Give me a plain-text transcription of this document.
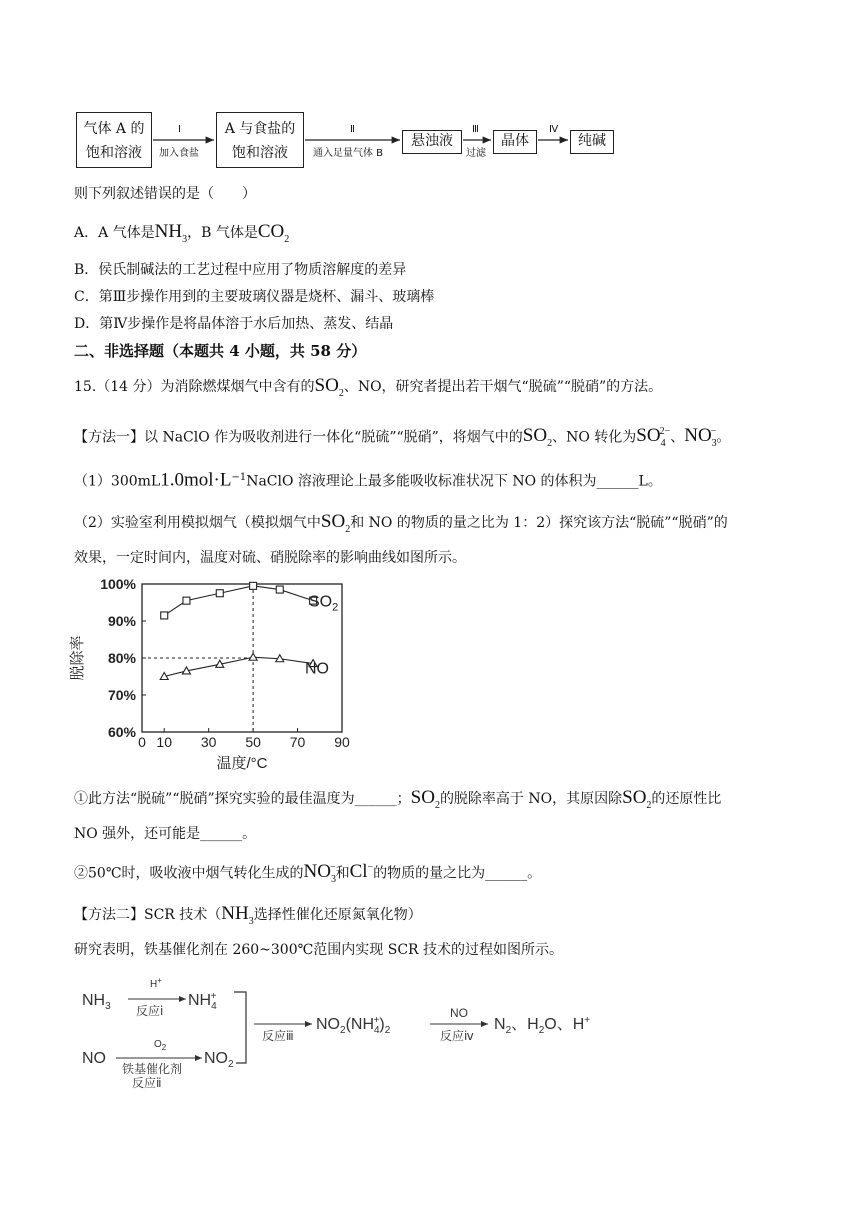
气体 A 的
饱和溶液
A 与食盐的
饱和溶液
悬浊液	晶体	纯碱
Ⅰ
加入食盐
Ⅱ
通入足量气体 B
Ⅲ
过滤
Ⅳ
则下列叙述错误的是（　　）
A．A 气体是$NH_3$，B 气体是$CO_2$
B．侯氏制碱法的工艺过程中应用了物质溶解度的差异
C．第Ⅲ步操作用到的主要玻璃仪器是烧杯、漏斗、玻璃棒
D．第Ⅳ步操作是将晶体溶于水后加热、蒸发、结晶
二、非选择题（本题共 4 小题，共 58 分）
15.（14 分）为消除燃煤烟气中含有的$SO_2$、NO，研究者提出若干烟气“脱硫”“脱硝”的方法。
【方法一】以 NaClO 作为吸收剂进行一体化“脱硫”“脱硝”，将烟气中的$SO_2$、NO 转化为$SO_4^{2-}$、$NO_3^-$。
$(1)300mL1.0mol\cdot L^{-1}NaClO$ 溶液理论上最多能吸收标准状况下 NO 的体积为______L。
（2）实验室利用模拟烟气（模拟烟气中$SO_2$和 NO 的物质的量之比为 1：2）探究该方法“脱硫”“脱硝”的
效果，一定时间内，温度对硫、硝脱除率的影响曲线如图所示。
60%
70%
80%
90%
100%
0 10 30 50 70 90
温度/°C
脱除率
$SO_2$
NO
①此方法“脱硫”“脱硝”探究实验的最佳温度为______；$SO_2$的脱除率高于 NO，其原因除$SO_2$的还原性比
NO 强外，还可能是______。
②50℃时，吸收液中烟气转化生成的$NO_3^-$和Cl−的物质的量之比为______。
【方法二】SCR 技术（$NH_3$选择性催化还原氮氧化物）
研究表明，铁基催化剂在 260~300℃范围内实现 SCR 技术的过程如图所示。
$NH_3$
H+
反应ⅰ
$NH_4+$
NO
$O_2$
铁基催化剂
反应ⅱ
$NO_2$
反应ⅲ
$NO_2(NH_4+)_2$
NO
反应ⅳ
$N_2$、$H_2O$、H+
